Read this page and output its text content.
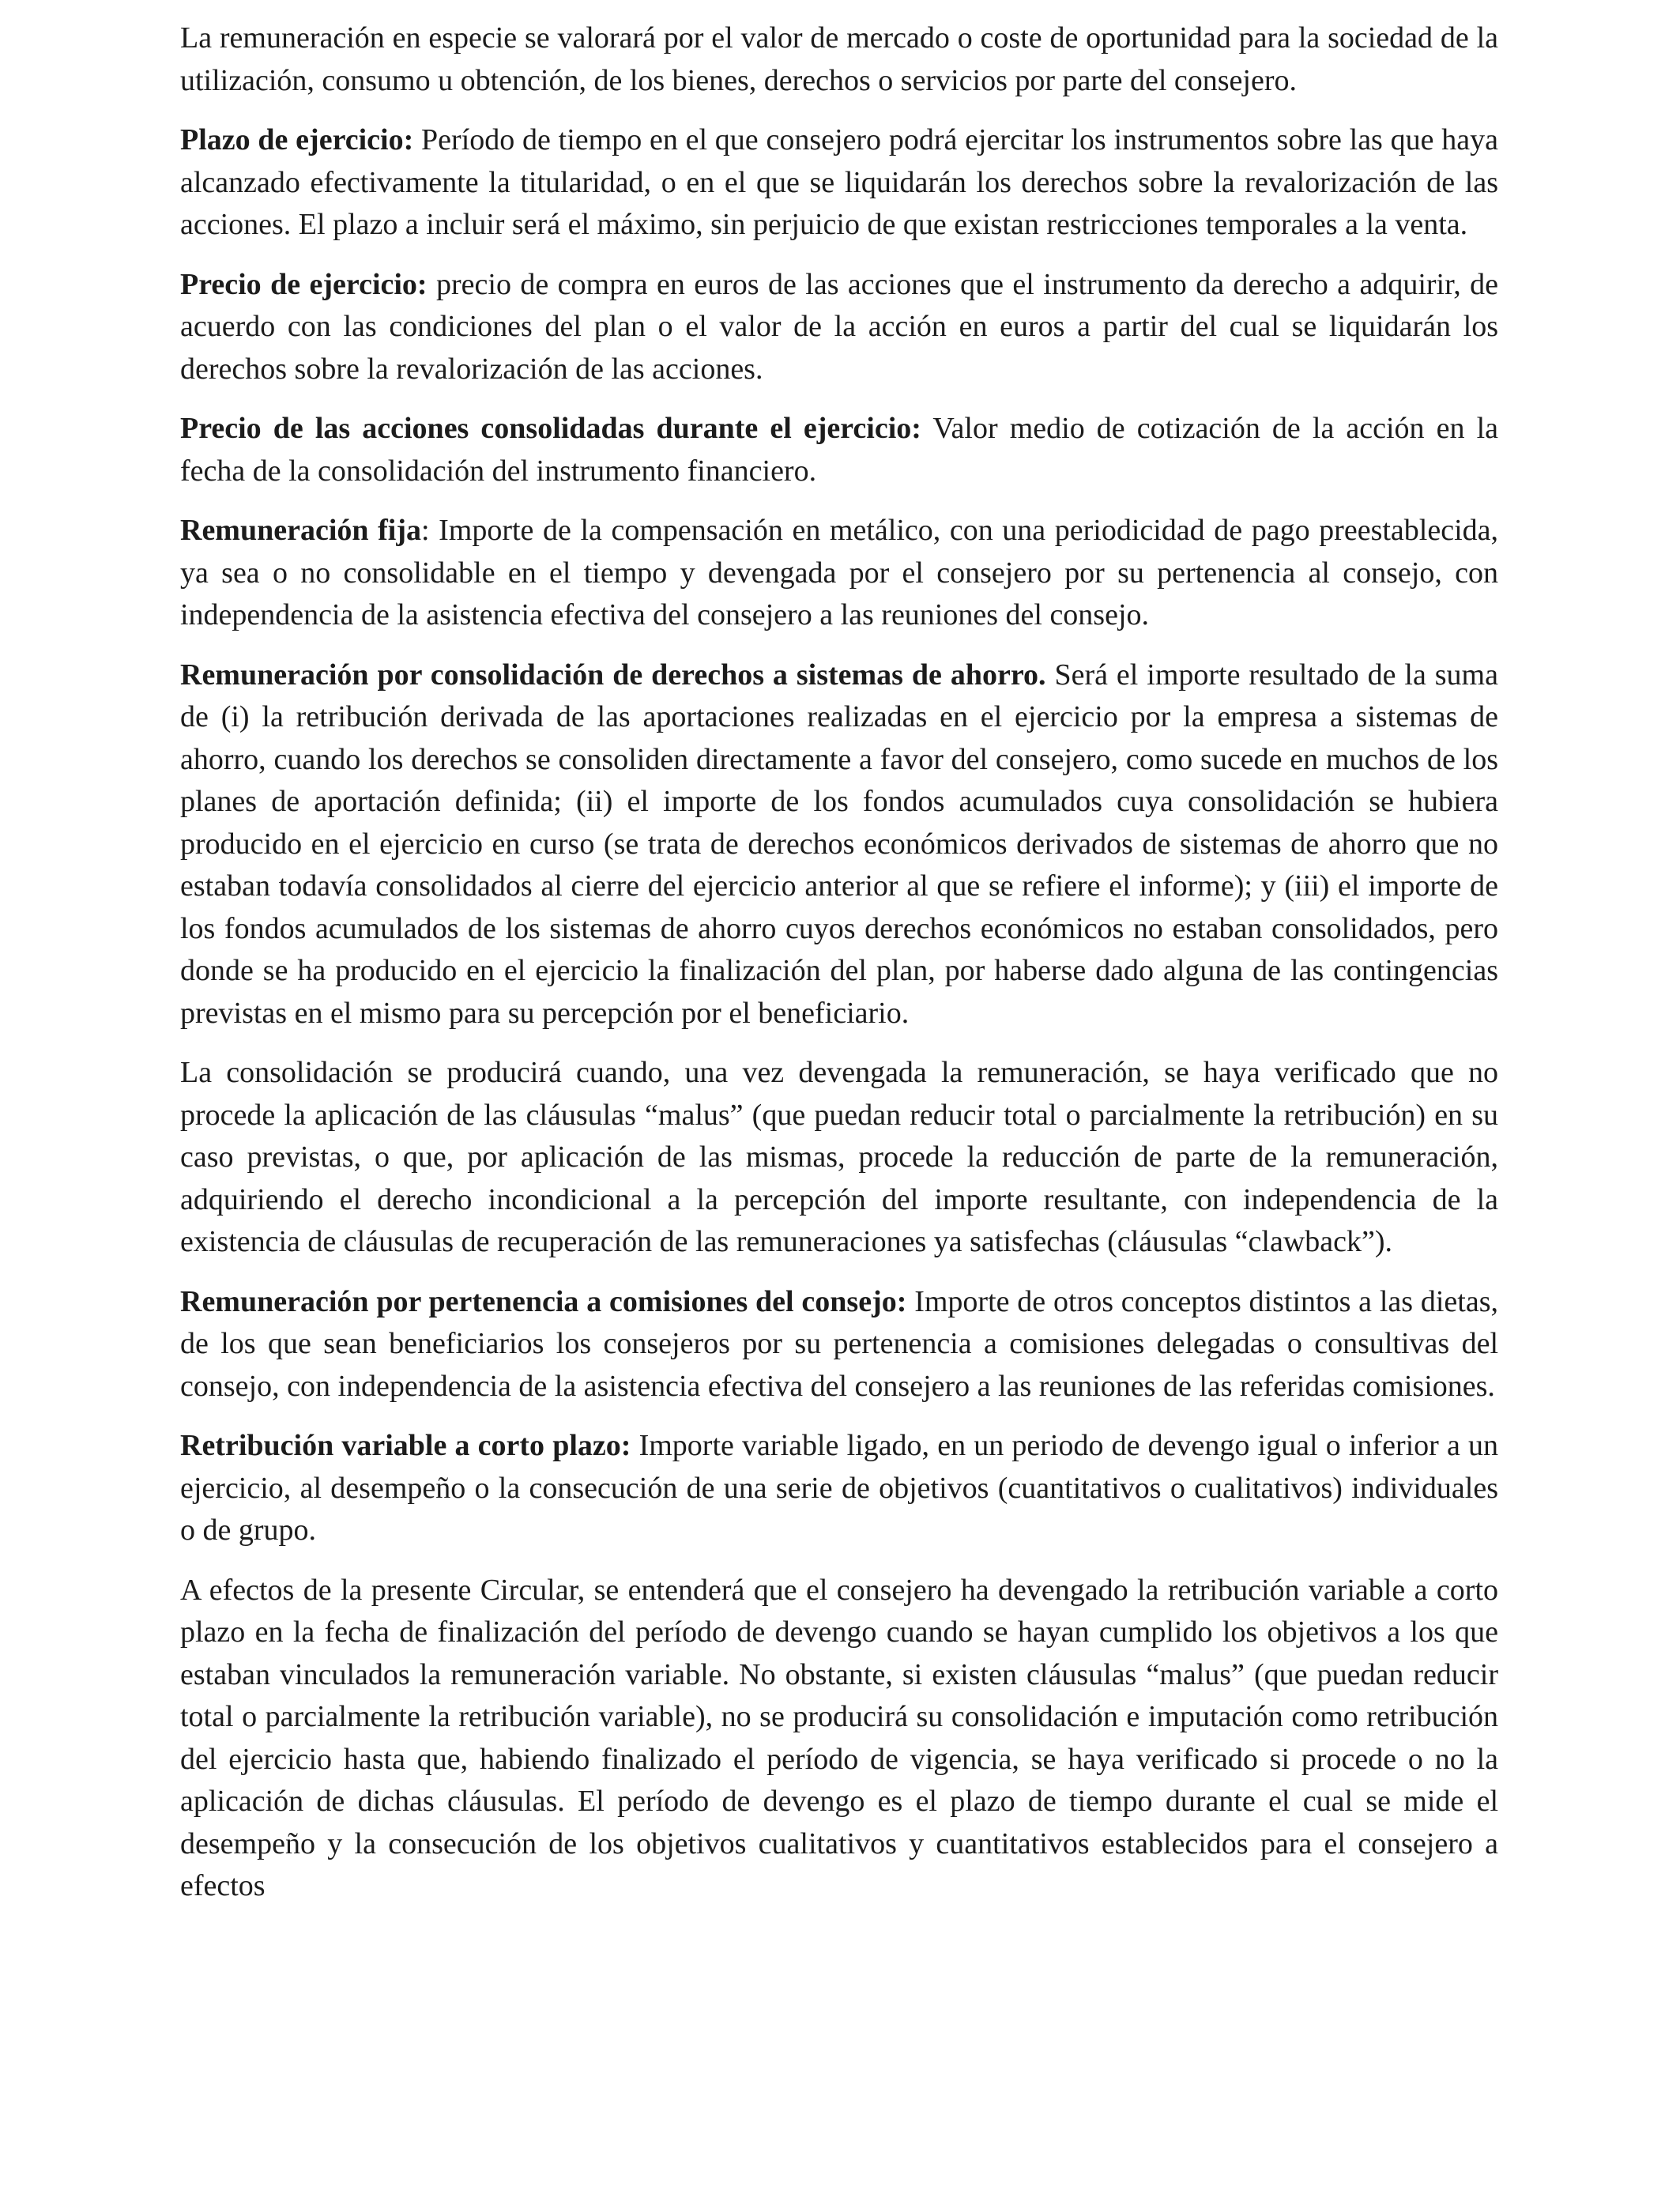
La remuneración en especie se valorará por el valor de mercado o coste de oportunidad para la sociedad de la utilización, consumo u obtención, de los bienes, derechos o servicios por parte del consejero.

Plazo de ejercicio: Período de tiempo en el que consejero podrá ejercitar los instrumentos sobre las que haya alcanzado efectivamente la titularidad, o en el que se liquidarán los derechos sobre la revalorización de las acciones. El plazo a incluir será el máximo, sin perjuicio de que existan restricciones temporales a la venta.

Precio de ejercicio: precio de compra en euros de las acciones que el instrumento da derecho a adquirir, de acuerdo con las condiciones del plan o el valor de la acción en euros a partir del cual se liquidarán los derechos sobre la revalorización de las acciones.

Precio de las acciones consolidadas durante el ejercicio: Valor medio de cotización de la acción en la fecha de la consolidación del instrumento financiero.

Remuneración fija: Importe de la compensación en metálico, con una periodicidad de pago preestablecida, ya sea o no consolidable en el tiempo y devengada por el consejero por su pertenencia al consejo, con independencia de la asistencia efectiva del consejero a las reuniones del consejo.

Remuneración por consolidación de derechos a sistemas de ahorro. Será el importe resultado de la suma de (i) la retribución derivada de las aportaciones realizadas en el ejercicio por la empresa a sistemas de ahorro, cuando los derechos se consoliden directamente a favor del consejero, como sucede en muchos de los planes de aportación definida; (ii) el importe de los fondos acumulados cuya consolidación se hubiera producido en el ejercicio en curso (se trata de derechos económicos derivados de sistemas de ahorro que no estaban todavía consolidados al cierre del ejercicio anterior al que se refiere el informe); y (iii) el importe de los fondos acumulados de los sistemas de ahorro cuyos derechos económicos no estaban consolidados, pero donde se ha producido en el ejercicio la finalización del plan, por haberse dado alguna de las contingencias previstas en el mismo para su percepción por el beneficiario.

La consolidación se producirá cuando, una vez devengada la remuneración, se haya verificado que no procede la aplicación de las cláusulas “malus” (que puedan reducir total o parcialmente la retribución) en su caso previstas, o que, por aplicación de las mismas, procede la reducción de parte de la remuneración, adquiriendo el derecho incondicional a la percepción del importe resultante, con independencia de la existencia de cláusulas de recuperación de las remuneraciones ya satisfechas (cláusulas “clawback”).

Remuneración por pertenencia a comisiones del consejo: Importe de otros conceptos distintos a las dietas, de los que sean beneficiarios los consejeros por su pertenencia a comisiones delegadas o consultivas del consejo, con independencia de la asistencia efectiva del consejero a las reuniones de las referidas comisiones.

Retribución variable a corto plazo: Importe variable ligado, en un periodo de devengo igual o inferior a un ejercicio, al desempeño o la consecución de una serie de objetivos (cuantitativos o cualitativos) individuales o de grupo.

A efectos de la presente Circular, se entenderá que el consejero ha devengado la retribución variable a corto plazo en la fecha de finalización del período de devengo cuando se hayan cumplido los objetivos a los que estaban vinculados la remuneración variable. No obstante, si existen cláusulas “malus” (que puedan reducir total o parcialmente la retribución variable), no se producirá su consolidación e imputación como retribución del ejercicio hasta que, habiendo finalizado el período de vigencia, se haya verificado si procede o no la aplicación de dichas cláusulas. El período de devengo es el plazo de tiempo durante el cual se mide el desempeño y la consecución de los objetivos cualitativos y cuantitativos establecidos para el consejero a efectos
